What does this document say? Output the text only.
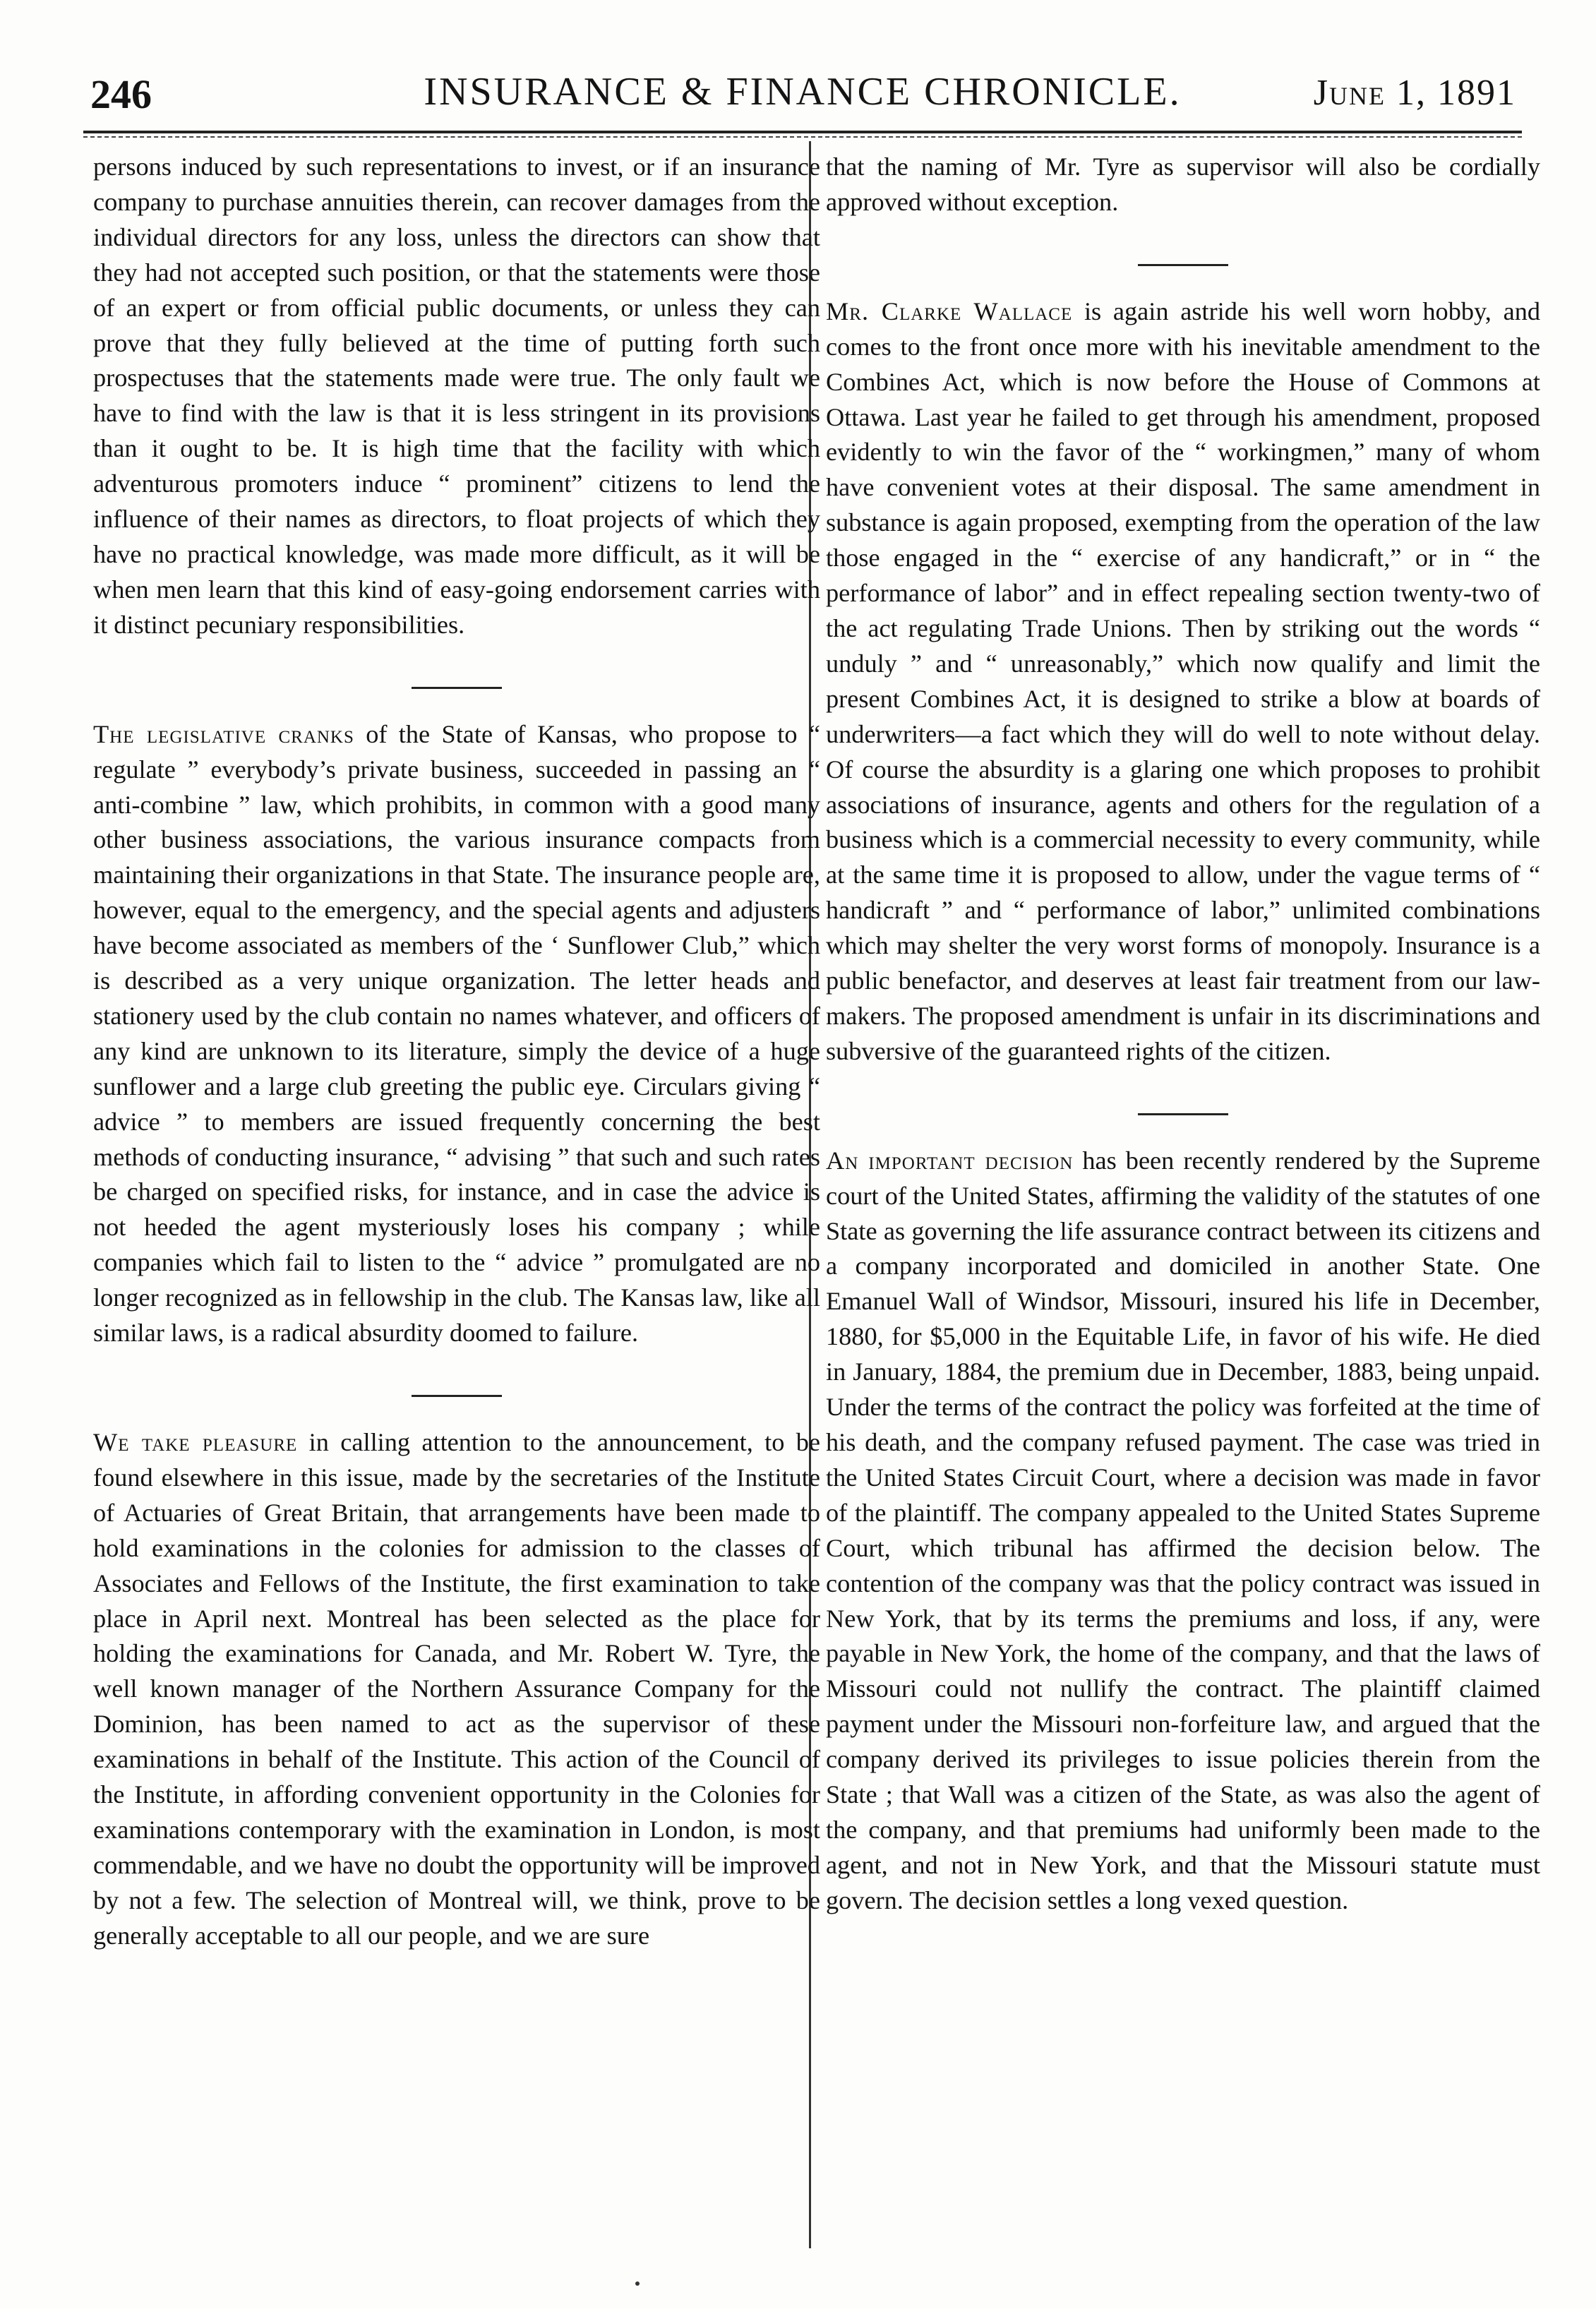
246	INSURANCE & FINANCE CHRONICLE.	June 1, 1891

persons induced by such representations to invest, or if an insurance company to purchase annuities therein, can recover damages from the individual directors for any loss, unless the directors can show that they had not accepted such position, or that the statements were those of an expert or from official public documents, or unless they can prove that they fully believed at the time of putting forth such prospectuses that the statements made were true. The only fault we have to find with the law is that it is less stringent in its provisions than it ought to be. It is high time that the facility with which adventurous promoters induce “ prominent” citizens to lend the influence of their names as directors, to float projects of which they have no practical knowledge, was made more difficult, as it will be when men learn that this kind of easy-going endorsement carries with it distinct pecuniary responsibilities.

The legislative cranks of the State of Kansas, who propose to “ regulate ” everybody’s private business, succeeded in passing an “ anti-combine ” law, which prohibits, in common with a good many other business associations, the various insurance compacts from maintaining their organizations in that State. The insurance people are, however, equal to the emergency, and the special agents and adjusters have become associated as members of the ‘ Sunflower Club,” which is described as a very unique organization. The letter heads and stationery used by the club contain no names whatever, and officers of any kind are unknown to its literature, simply the device of a huge sunflower and a large club greeting the public eye. Circulars giving “ advice ” to members are issued frequently concerning the best methods of conducting insurance, “ advising ” that such and such rates be charged on specified risks, for instance, and in case the advice is not heeded the agent mysteriously loses his company ; while companies which fail to listen to the “ advice ” promulgated are no longer recognized as in fellowship in the club. The Kansas law, like all similar laws, is a radical absurdity doomed to failure.

We take pleasure in calling attention to the announcement, to be found elsewhere in this issue, made by the secretaries of the Institute of Actuaries of Great Britain, that arrangements have been made to hold examinations in the colonies for admission to the classes of Associates and Fellows of the Institute, the first examination to take place in April next. Montreal has been selected as the place for holding the examinations for Canada, and Mr. Robert W. Tyre, the well known manager of the Northern Assurance Company for the Dominion, has been named to act as the supervisor of these examinations in behalf of the Institute. This action of the Council of the Institute, in affording convenient opportunity in the Colonies for examinations contemporary with the examination in London, is most commendable, and we have no doubt the opportunity will be improved by not a few. The selection of Montreal will, we think, prove to be generally acceptable to all our people, and we are sure

that the naming of Mr. Tyre as supervisor will also be cordially approved without exception.

Mr. Clarke Wallace is again astride his well worn hobby, and comes to the front once more with his inevitable amendment to the Combines Act, which is now before the House of Commons at Ottawa. Last year he failed to get through his amendment, proposed evidently to win the favor of the “ workingmen,” many of whom have convenient votes at their disposal. The same amendment in substance is again proposed, exempting from the operation of the law those engaged in the “ exercise of any handicraft,” or in “ the performance of labor” and in effect repealing section twenty-two of the act regulating Trade Unions. Then by striking out the words “ unduly ” and “ unreasonably,” which now qualify and limit the present Combines Act, it is designed to strike a blow at boards of underwriters—a fact which they will do well to note without delay. Of course the absurdity is a glaring one which proposes to prohibit associations of insurance, agents and others for the regulation of a business which is a commercial necessity to every community, while at the same time it is proposed to allow, under the vague terms of “ handicraft ” and “ performance of labor,” unlimited combinations which may shelter the very worst forms of monopoly. Insurance is a public benefactor, and deserves at least fair treatment from our law-makers. The proposed amendment is unfair in its discriminations and subversive of the guaranteed rights of the citizen.

An important decision has been recently rendered by the Supreme court of the United States, affirming the validity of the statutes of one State as governing the life assurance contract between its citizens and a company incorporated and domiciled in another State. One Emanuel Wall of Windsor, Missouri, insured his life in December, 1880, for $5,000 in the Equitable Life, in favor of his wife. He died in January, 1884, the premium due in December, 1883, being unpaid. Under the terms of the contract the policy was forfeited at the time of his death, and the company refused payment. The case was tried in the United States Circuit Court, where a decision was made in favor of the plaintiff. The company appealed to the United States Supreme Court, which tribunal has affirmed the decision below. The contention of the company was that the policy contract was issued in New York, that by its terms the premiums and loss, if any, were payable in New York, the home of the company, and that the laws of Missouri could not nullify the contract. The plaintiff claimed payment under the Missouri non-forfeiture law, and argued that the company derived its privileges to issue policies therein from the State ; that Wall was a citizen of the State, as was also the agent of the company, and that premiums had uniformly been made to the agent, and not in New York, and that the Missouri statute must govern. The decision settles a long vexed question.
